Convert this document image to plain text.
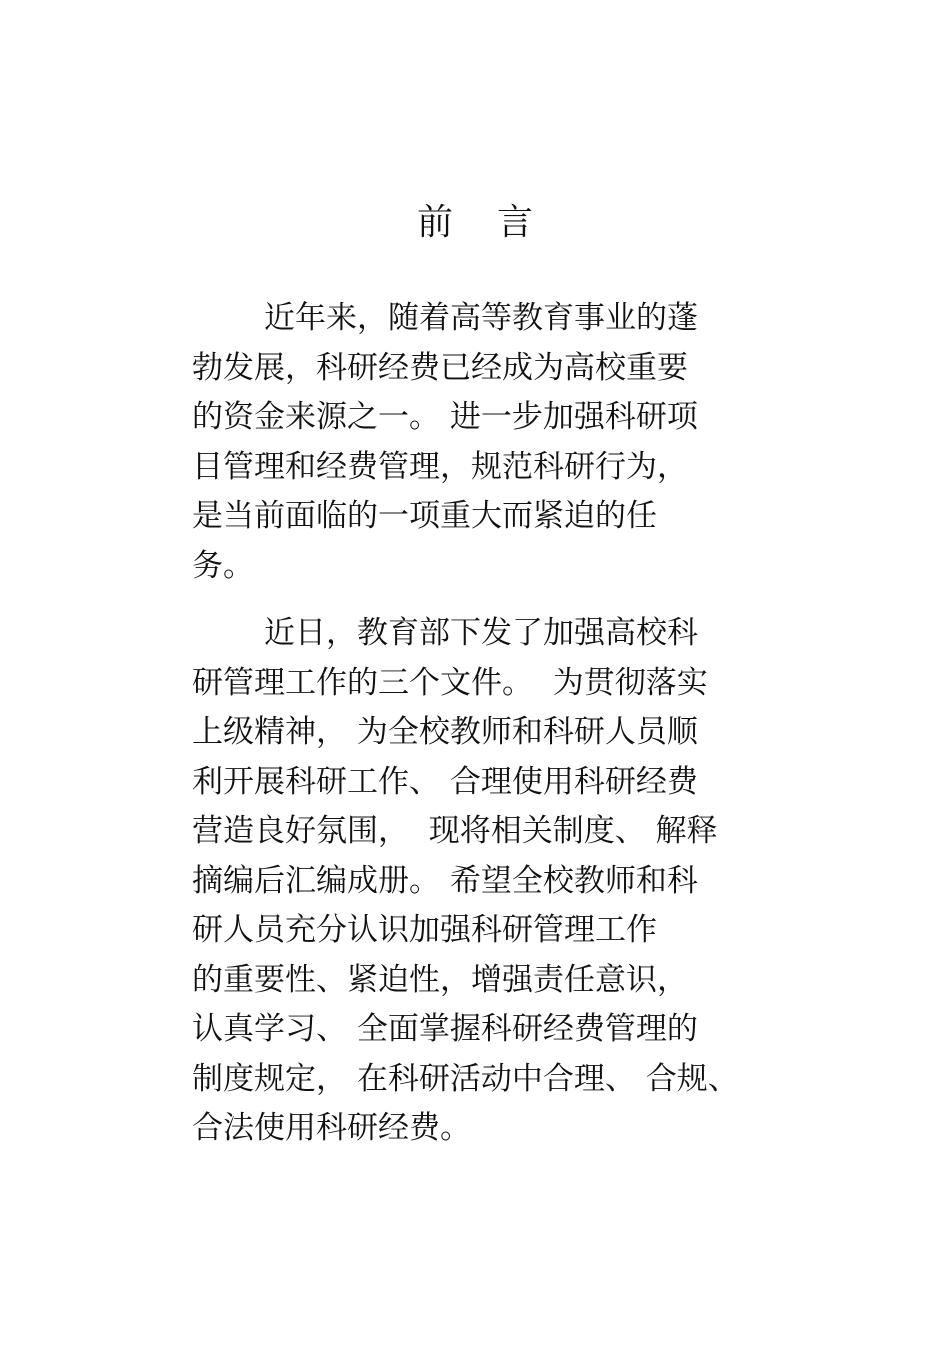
前 言
近年来，随着高等教育事业的蓬
勃发展，科研经费已经成为高校重要
的资金来源之一。 进一步加强科研项
目管理和经费管理，规范科研行为，
是当前面临的一项重大而紧迫的任
务。
近日，教育部下发了加强高校科
研管理工作的三个文件。  为贯彻落实
上级精神， 为全校教师和科研人员顺
利开展科研工作、 合理使用科研经费
营造良好氛围，  现将相关制度、 解释
摘编后汇编成册。 希望全校教师和科
研人员充分认识加强科研管理工作
的重要性、紧迫性，增强责任意识，
认真学习、 全面掌握科研经费管理的
制度规定， 在科研活动中合理、 合规、
合法使用科研经费。
